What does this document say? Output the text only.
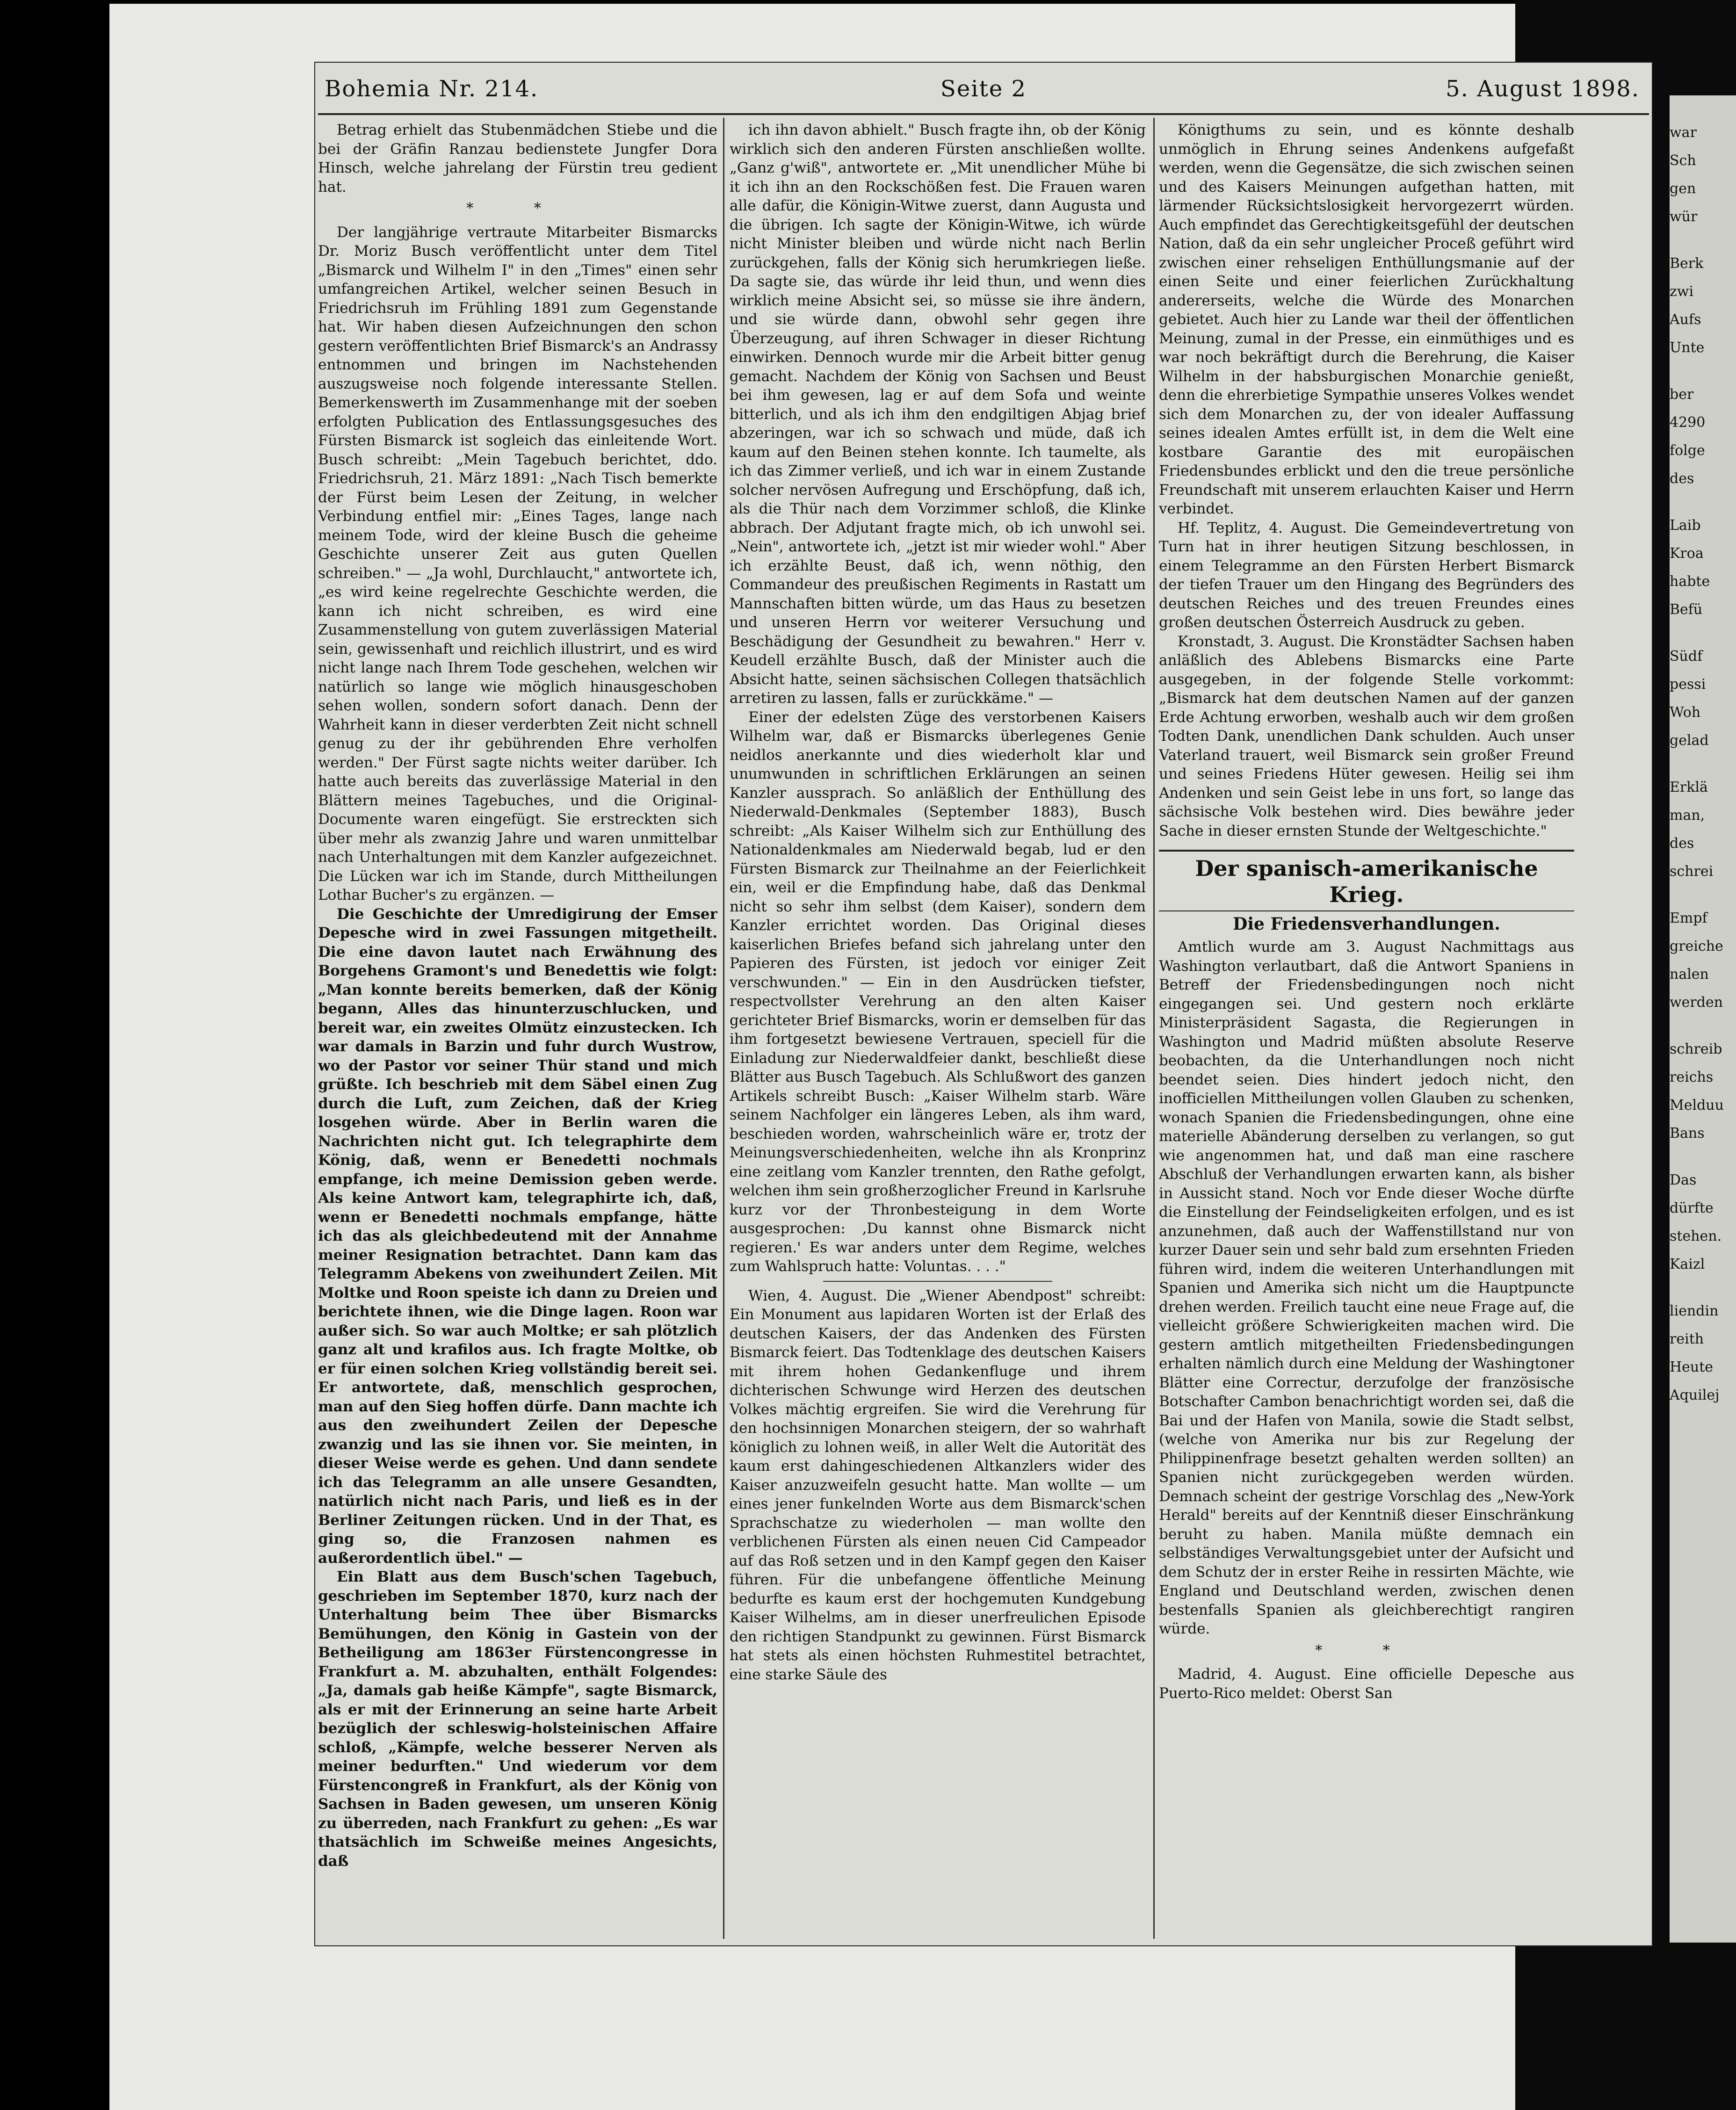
Bohemia Nr. 214.	Seite 2	5. August 1898.

Betrag erhielt das Stubenmädchen Stiebe und die bei der Gräfin Ranzau bedienstete Jungfer Dora Hinsch, welche jahrelang der Fürstin treu gedient hat.

* *

Der langjährige vertraute Mitarbeiter Bismarcks Dr. Moriz Busch veröffentlicht unter dem Titel „Bismarck und Wilhelm I" in den „Times" einen sehr umfangreichen Artikel, welcher seinen Besuch in Friedrichsruh im Frühling 1891 zum Gegenstande hat. Wir haben diesen Aufzeichnungen den schon gestern veröffentlichten Brief Bismarck's an Andrassy entnommen und bringen im Nachstehenden auszugsweise noch folgende interessante Stellen. Bemerkenswerth im Zusammenhange mit der soeben erfolgten Publication des Entlassungsgesuches des Fürsten Bismarck ist sogleich das einleitende Wort. Busch schreibt: „Mein Tagebuch berichtet, ddo. Friedrichsruh, 21. März 1891: „Nach Tisch bemerkte der Fürst beim Lesen der Zeitung, in welcher Verbindung entfiel mir: „Eines Tages, lange nach meinem Tode, wird der kleine Busch die geheime Geschichte unserer Zeit aus guten Quellen schreiben." — „Ja wohl, Durchlaucht," antwortete ich, „es wird keine regelrechte Geschichte werden, die kann ich nicht schreiben, es wird eine Zusammenstellung von gutem zuverlässigen Material sein, gewissenhaft und reichlich illustrirt, und es wird nicht lange nach Ihrem Tode geschehen, welchen wir natürlich so lange wie möglich hinausgeschoben sehen wollen, sondern sofort danach. Denn der Wahrheit kann in dieser verderbten Zeit nicht schnell genug zu der ihr gebührenden Ehre verholfen werden." Der Fürst sagte nichts weiter darüber. Ich hatte auch bereits das zuverlässige Material in den Blättern meines Tagebuches, und die Original-Documente waren eingefügt. Sie erstreckten sich über mehr als zwanzig Jahre und waren unmittelbar nach Unterhaltungen mit dem Kanzler aufgezeichnet. Die Lücken war ich im Stande, durch Mittheilungen Lothar Bucher's zu ergänzen. —

Die Geschichte der Umredigirung der Emser Depesche wird in zwei Fassungen mitgetheilt. Die eine davon lautet nach Erwähnung des Borgehens Gramont's und Benedettis wie folgt: „Man konnte bereits bemerken, daß der König begann, Alles das hinunterzuschlucken, und bereit war, ein zweites Olmütz einzustecken. Ich war damals in Barzin und fuhr durch Wustrow, wo der Pastor vor seiner Thür stand und mich grüßte. Ich beschrieb mit dem Säbel einen Zug durch die Luft, zum Zeichen, daß der Krieg losgehen würde. Aber in Berlin waren die Nachrichten nicht gut. Ich telegraphirte dem König, daß, wenn er Benedetti nochmals empfange, ich meine Demission geben werde. Als keine Antwort kam, telegraphirte ich, daß, wenn er Benedetti nochmals empfange, hätte ich das als gleichbedeutend mit der Annahme meiner Resignation betrachtet. Dann kam das Telegramm Abekens von zweihundert Zeilen. Mit Moltke und Roon speiste ich dann zu Dreien und berichtete ihnen, wie die Dinge lagen. Roon war außer sich. So war auch Moltke; er sah plötzlich ganz alt und krafilos aus. Ich fragte Moltke, ob er für einen solchen Krieg vollständig bereit sei. Er antwortete, daß, menschlich gesprochen, man auf den Sieg hoffen dürfe. Dann machte ich aus den zweihundert Zeilen der Depesche zwanzig und las sie ihnen vor. Sie meinten, in dieser Weise werde es gehen. Und dann sendete ich das Telegramm an alle unsere Gesandten, natürlich nicht nach Paris, und ließ es in der Berliner Zeitungen rücken. Und in der That, es ging so, die Franzosen nahmen es außerordentlich übel." —

Ein Blatt aus dem Busch'schen Tagebuch, geschrieben im September 1870, kurz nach der Unterhaltung beim Thee über Bismarcks Bemühungen, den König in Gastein von der Betheiligung am 1863er Fürstencongresse in Frankfurt a. M. abzuhalten, enthält Folgendes: „Ja, damals gab heiße Kämpfe", sagte Bismarck, als er mit der Erinnerung an seine harte Arbeit bezüglich der schleswig-holsteinischen Affaire schloß, „Kämpfe, welche besserer Nerven als meiner bedurften." Und wiederum vor dem Fürstencongreß in Frankfurt, als der König von Sachsen in Baden gewesen, um unseren König zu überreden, nach Frankfurt zu gehen: „Es war thatsächlich im Schweiße meines Angesichts, daß

ich ihn davon abhielt." Busch fragte ihn, ob der König wirklich sich den anderen Fürsten anschließen wollte. „Ganz g'wiß", antwortete er. „Mit unendlicher Mühe bi it ich ihn an den Rockschößen fest. Die Frauen waren alle dafür, die Königin-Witwe zuerst, dann Augusta und die übrigen. Ich sagte der Königin-Witwe, ich würde nicht Minister bleiben und würde nicht nach Berlin zurückgehen, falls der König sich herumkriegen ließe. Da sagte sie, das würde ihr leid thun, und wenn dies wirklich meine Absicht sei, so müsse sie ihre ändern, und sie würde dann, obwohl sehr gegen ihre Überzeugung, auf ihren Schwager in dieser Richtung einwirken. Dennoch wurde mir die Arbeit bitter genug gemacht. Nachdem der König von Sachsen und Beust bei ihm gewesen, lag er auf dem Sofa und weinte bitterlich, und als ich ihm den endgiltigen Abjag brief abzeringen, war ich so schwach und müde, daß ich kaum auf den Beinen stehen konnte. Ich taumelte, als ich das Zimmer verließ, und ich war in einem Zustande solcher nervösen Aufregung und Erschöpfung, daß ich, als die Thür nach dem Vorzimmer schloß, die Klinke abbrach. Der Adjutant fragte mich, ob ich unwohl sei. „Nein", antwortete ich, „jetzt ist mir wieder wohl." Aber ich erzählte Beust, daß ich, wenn nöthig, den Commandeur des preußischen Regiments in Rastatt um Mannschaften bitten würde, um das Haus zu besetzen und unseren Herrn vor weiterer Versuchung und Beschädigung der Gesundheit zu bewahren." Herr v. Keudell erzählte Busch, daß der Minister auch die Absicht hatte, seinen sächsischen Collegen thatsächlich arretiren zu lassen, falls er zurückkäme." —

Einer der edelsten Züge des verstorbenen Kaisers Wilhelm war, daß er Bismarcks überlegenes Genie neidlos anerkannte und dies wiederholt klar und unumwunden in schriftlichen Erklärungen an seinen Kanzler aussprach. So anläßlich der Enthüllung des Niederwald-Denkmales (September 1883), Busch schreibt: „Als Kaiser Wilhelm sich zur Enthüllung des Nationaldenkmales am Niederwald begab, lud er den Fürsten Bismarck zur Theilnahme an der Feierlichkeit ein, weil er die Empfindung habe, daß das Denkmal nicht so sehr ihm selbst (dem Kaiser), sondern dem Kanzler errichtet worden. Das Original dieses kaiserlichen Briefes befand sich jahrelang unter den Papieren des Fürsten, ist jedoch vor einiger Zeit verschwunden." — Ein in den Ausdrücken tiefster, respectvollster Verehrung an den alten Kaiser gerichteter Brief Bismarcks, worin er demselben für das ihm fortgesetzt bewiesene Vertrauen, speciell für die Einladung zur Niederwaldfeier dankt, beschließt diese Blätter aus Busch Tagebuch. Als Schlußwort des ganzen Artikels schreibt Busch: „Kaiser Wilhelm starb. Wäre seinem Nachfolger ein längeres Leben, als ihm ward, beschieden worden, wahrscheinlich wäre er, trotz der Meinungsverschiedenheiten, welche ihn als Kronprinz eine zeitlang vom Kanzler trennten, den Rathe gefolgt, welchen ihm sein großherzoglicher Freund in Karlsruhe kurz vor der Thronbesteigung in dem Worte ausgesprochen: ‚Du kannst ohne Bismarck nicht regieren.' Es war anders unter dem Regime, welches zum Wahlspruch hatte: Voluntas. . . ."

Wien, 4. August. Die „Wiener Abendpost" schreibt: Ein Monument aus lapidaren Worten ist der Erlaß des deutschen Kaisers, der das Andenken des Fürsten Bismarck feiert. Das Todtenklage des deutschen Kaisers mit ihrem hohen Gedankenfluge und ihrem dichterischen Schwunge wird Herzen des deutschen Volkes mächtig ergreifen. Sie wird die Verehrung für den hochsinnigen Monarchen steigern, der so wahrhaft königlich zu lohnen weiß, in aller Welt die Autorität des kaum erst dahingeschiedenen Altkanzlers wider des Kaiser anzuzweifeln gesucht hatte. Man wollte — um eines jener funkelnden Worte aus dem Bismarck'schen Sprachschatze zu wiederholen — man wollte den verblichenen Fürsten als einen neuen Cid Campeador auf das Roß setzen und in den Kampf gegen den Kaiser führen. Für die unbefangene öffentliche Meinung bedurfte es kaum erst der hochgemuten Kundgebung Kaiser Wilhelms, am in dieser unerfreulichen Episode den richtigen Standpunkt zu gewinnen. Fürst Bismarck hat stets als einen höchsten Ruhmestitel betrachtet, eine starke Säule des

Königthums zu sein, und es könnte deshalb unmöglich in Ehrung seines Andenkens aufgefaßt werden, wenn die Gegensätze, die sich zwischen seinen und des Kaisers Meinungen aufgethan hatten, mit lärmender Rücksichtslosigkeit hervorgezerrt würden. Auch empfindet das Gerechtigkeitsgefühl der deutschen Nation, daß da ein sehr ungleicher Proceß geführt wird zwischen einer rehseligen Enthüllungsmanie auf der einen Seite und einer feierlichen Zurückhaltung andererseits, welche die Würde des Monarchen gebietet. Auch hier zu Lande war theil der öffentlichen Meinung, zumal in der Presse, ein einmüthiges und es war noch bekräftigt durch die Berehrung, die Kaiser Wilhelm in der habsburgischen Monarchie genießt, denn die ehrerbietige Sympathie unseres Volkes wendet sich dem Monarchen zu, der von idealer Auffassung seines idealen Amtes erfüllt ist, in dem die Welt eine kostbare Garantie des mit europäischen Friedensbundes erblickt und den die treue persönliche Freundschaft mit unserem erlauchten Kaiser und Herrn verbindet.

Hf. Teplitz, 4. August. Die Gemeindevertretung von Turn hat in ihrer heutigen Sitzung beschlossen, in einem Telegramme an den Fürsten Herbert Bismarck der tiefen Trauer um den Hingang des Begründers des deutschen Reiches und des treuen Freundes eines großen deutschen Österreich Ausdruck zu geben.

Kronstadt, 3. August. Die Kronstädter Sachsen haben anläßlich des Ablebens Bismarcks eine Parte ausgegeben, in der folgende Stelle vorkommt: „Bismarck hat dem deutschen Namen auf der ganzen Erde Achtung erworben, weshalb auch wir dem großen Todten Dank, unendlichen Dank schulden. Auch unser Vaterland trauert, weil Bismarck sein großer Freund und seines Friedens Hüter gewesen. Heilig sei ihm Andenken und sein Geist lebe in uns fort, so lange das sächsische Volk bestehen wird. Dies bewähre jeder Sache in dieser ernsten Stunde der Weltgeschichte."

Der spanisch-amerikanische Krieg.
Die Friedensverhandlungen.

Amtlich wurde am 3. August Nachmittags aus Washington verlautbart, daß die Antwort Spaniens in Betreff der Friedensbedingungen noch nicht eingegangen sei. Und gestern noch erklärte Ministerpräsident Sagasta, die Regierungen in Washington und Madrid müßten absolute Reserve beobachten, da die Unterhandlungen noch nicht beendet seien. Dies hindert jedoch nicht, den inofficiellen Mittheilungen vollen Glauben zu schenken, wonach Spanien die Friedensbedingungen, ohne eine materielle Abänderung derselben zu verlangen, so gut wie angenommen hat, und daß man eine raschere Abschluß der Verhandlungen erwarten kann, als bisher in Aussicht stand. Noch vor Ende dieser Woche dürfte die Einstellung der Feindseligkeiten erfolgen, und es ist anzunehmen, daß auch der Waffenstillstand nur von kurzer Dauer sein und sehr bald zum ersehnten Frieden führen wird, indem die weiteren Unterhandlungen mit Spanien und Amerika sich nicht um die Hauptpuncte drehen werden. Freilich taucht eine neue Frage auf, die vielleicht größere Schwierigkeiten machen wird. Die gestern amtlich mitgetheilten Friedensbedingungen erhalten nämlich durch eine Meldung der Washingtoner Blätter eine Correctur, derzufolge der französische Botschafter Cambon benachrichtigt worden sei, daß die Bai und der Hafen von Manila, sowie die Stadt selbst, (welche von Amerika nur bis zur Regelung der Philippinenfrage besetzt gehalten werden sollten) an Spanien nicht zurückgegeben werden würden. Demnach scheint der gestrige Vorschlag des „New-York Herald" bereits auf der Kenntniß dieser Einschränkung beruht zu haben. Manila müßte demnach ein selbständiges Verwaltungsgebiet unter der Aufsicht und dem Schutz der in erster Reihe in ressirten Mächte, wie England und Deutschland werden, zwischen denen bestenfalls Spanien als gleichberechtigt rangiren würde.

* *

Madrid, 4. August. Eine officielle Depesche aus Puerto-Rico meldet: Oberst San

war
Sch
gen
wür
Berk
zwi
Aufs
Unte
ber
4290
folge
des
Laib
Kroa
habte
Befü
Südf
pessi
Woh
gelad
Erklä
man,
des
schrei
Empf
greiche
nalen
werden
schreib
reichs
Melduu
Bans
Das
dürfte
stehen.
Kaizl
liendin
reith
Heute
Aquilej
